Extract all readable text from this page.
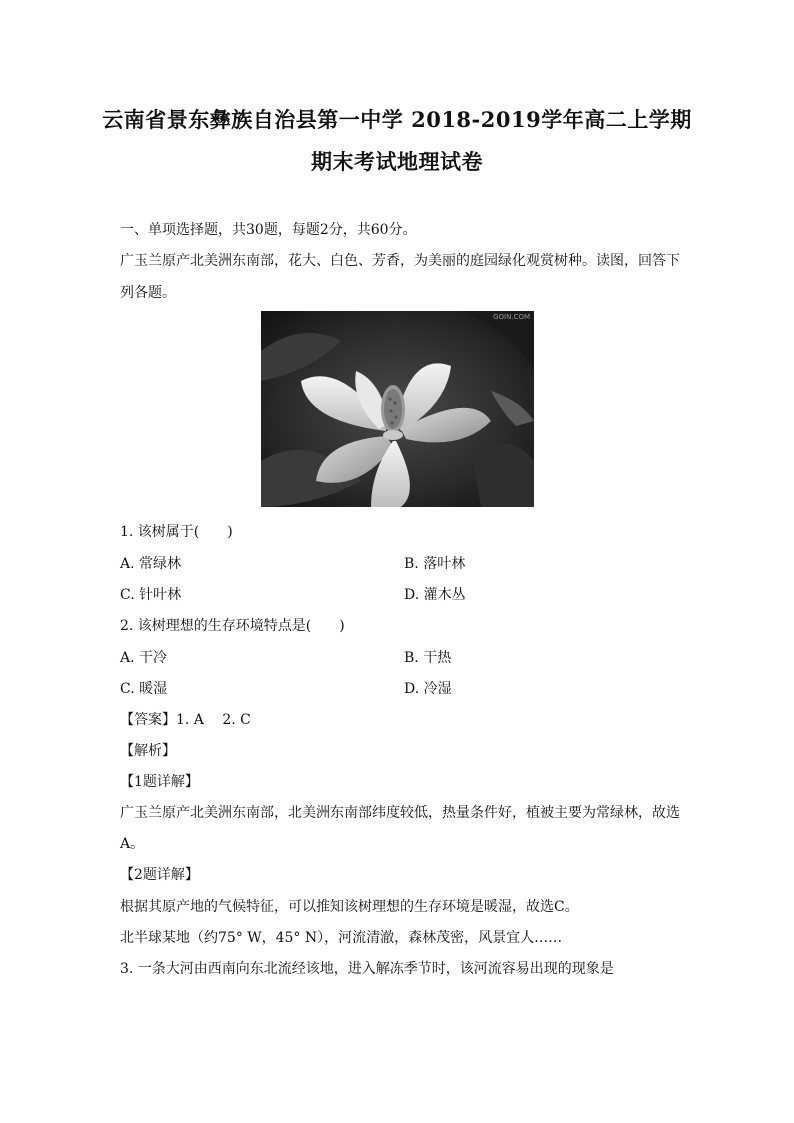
云南省景东彝族自治县第一中学 2018-2019学年高二上学期
期末考试地理试卷
一、单项选择题，共30题，每题2分，共60分。
广玉兰原产北美洲东南部，花大、白色、芳香，为美丽的庭园绿化观赏树种。读图，回答下
列各题。
GOIN.COM
1. 该树属于(　　)
A. 常绿林	B. 落叶林
C. 针叶林	D. 灌木丛
2. 该树理想的生存环境特点是(　　)
A. 干冷	B. 干热
C. 暖湿	D. 冷湿
【答案】1. A　 2. C
【解析】
【1题详解】
广玉兰原产北美洲东南部，北美洲东南部纬度较低，热量条件好，植被主要为常绿林，故选
A。
【2题详解】
根据其原产地的气候特征，可以推知该树理想的生存环境是暖湿，故选C。
北半球某地（约75° W，45° N），河流清澈，森林茂密，风景宜人……
3. 一条大河由西南向东北流经该地，进入解冻季节时，该河流容易出现的现象是
